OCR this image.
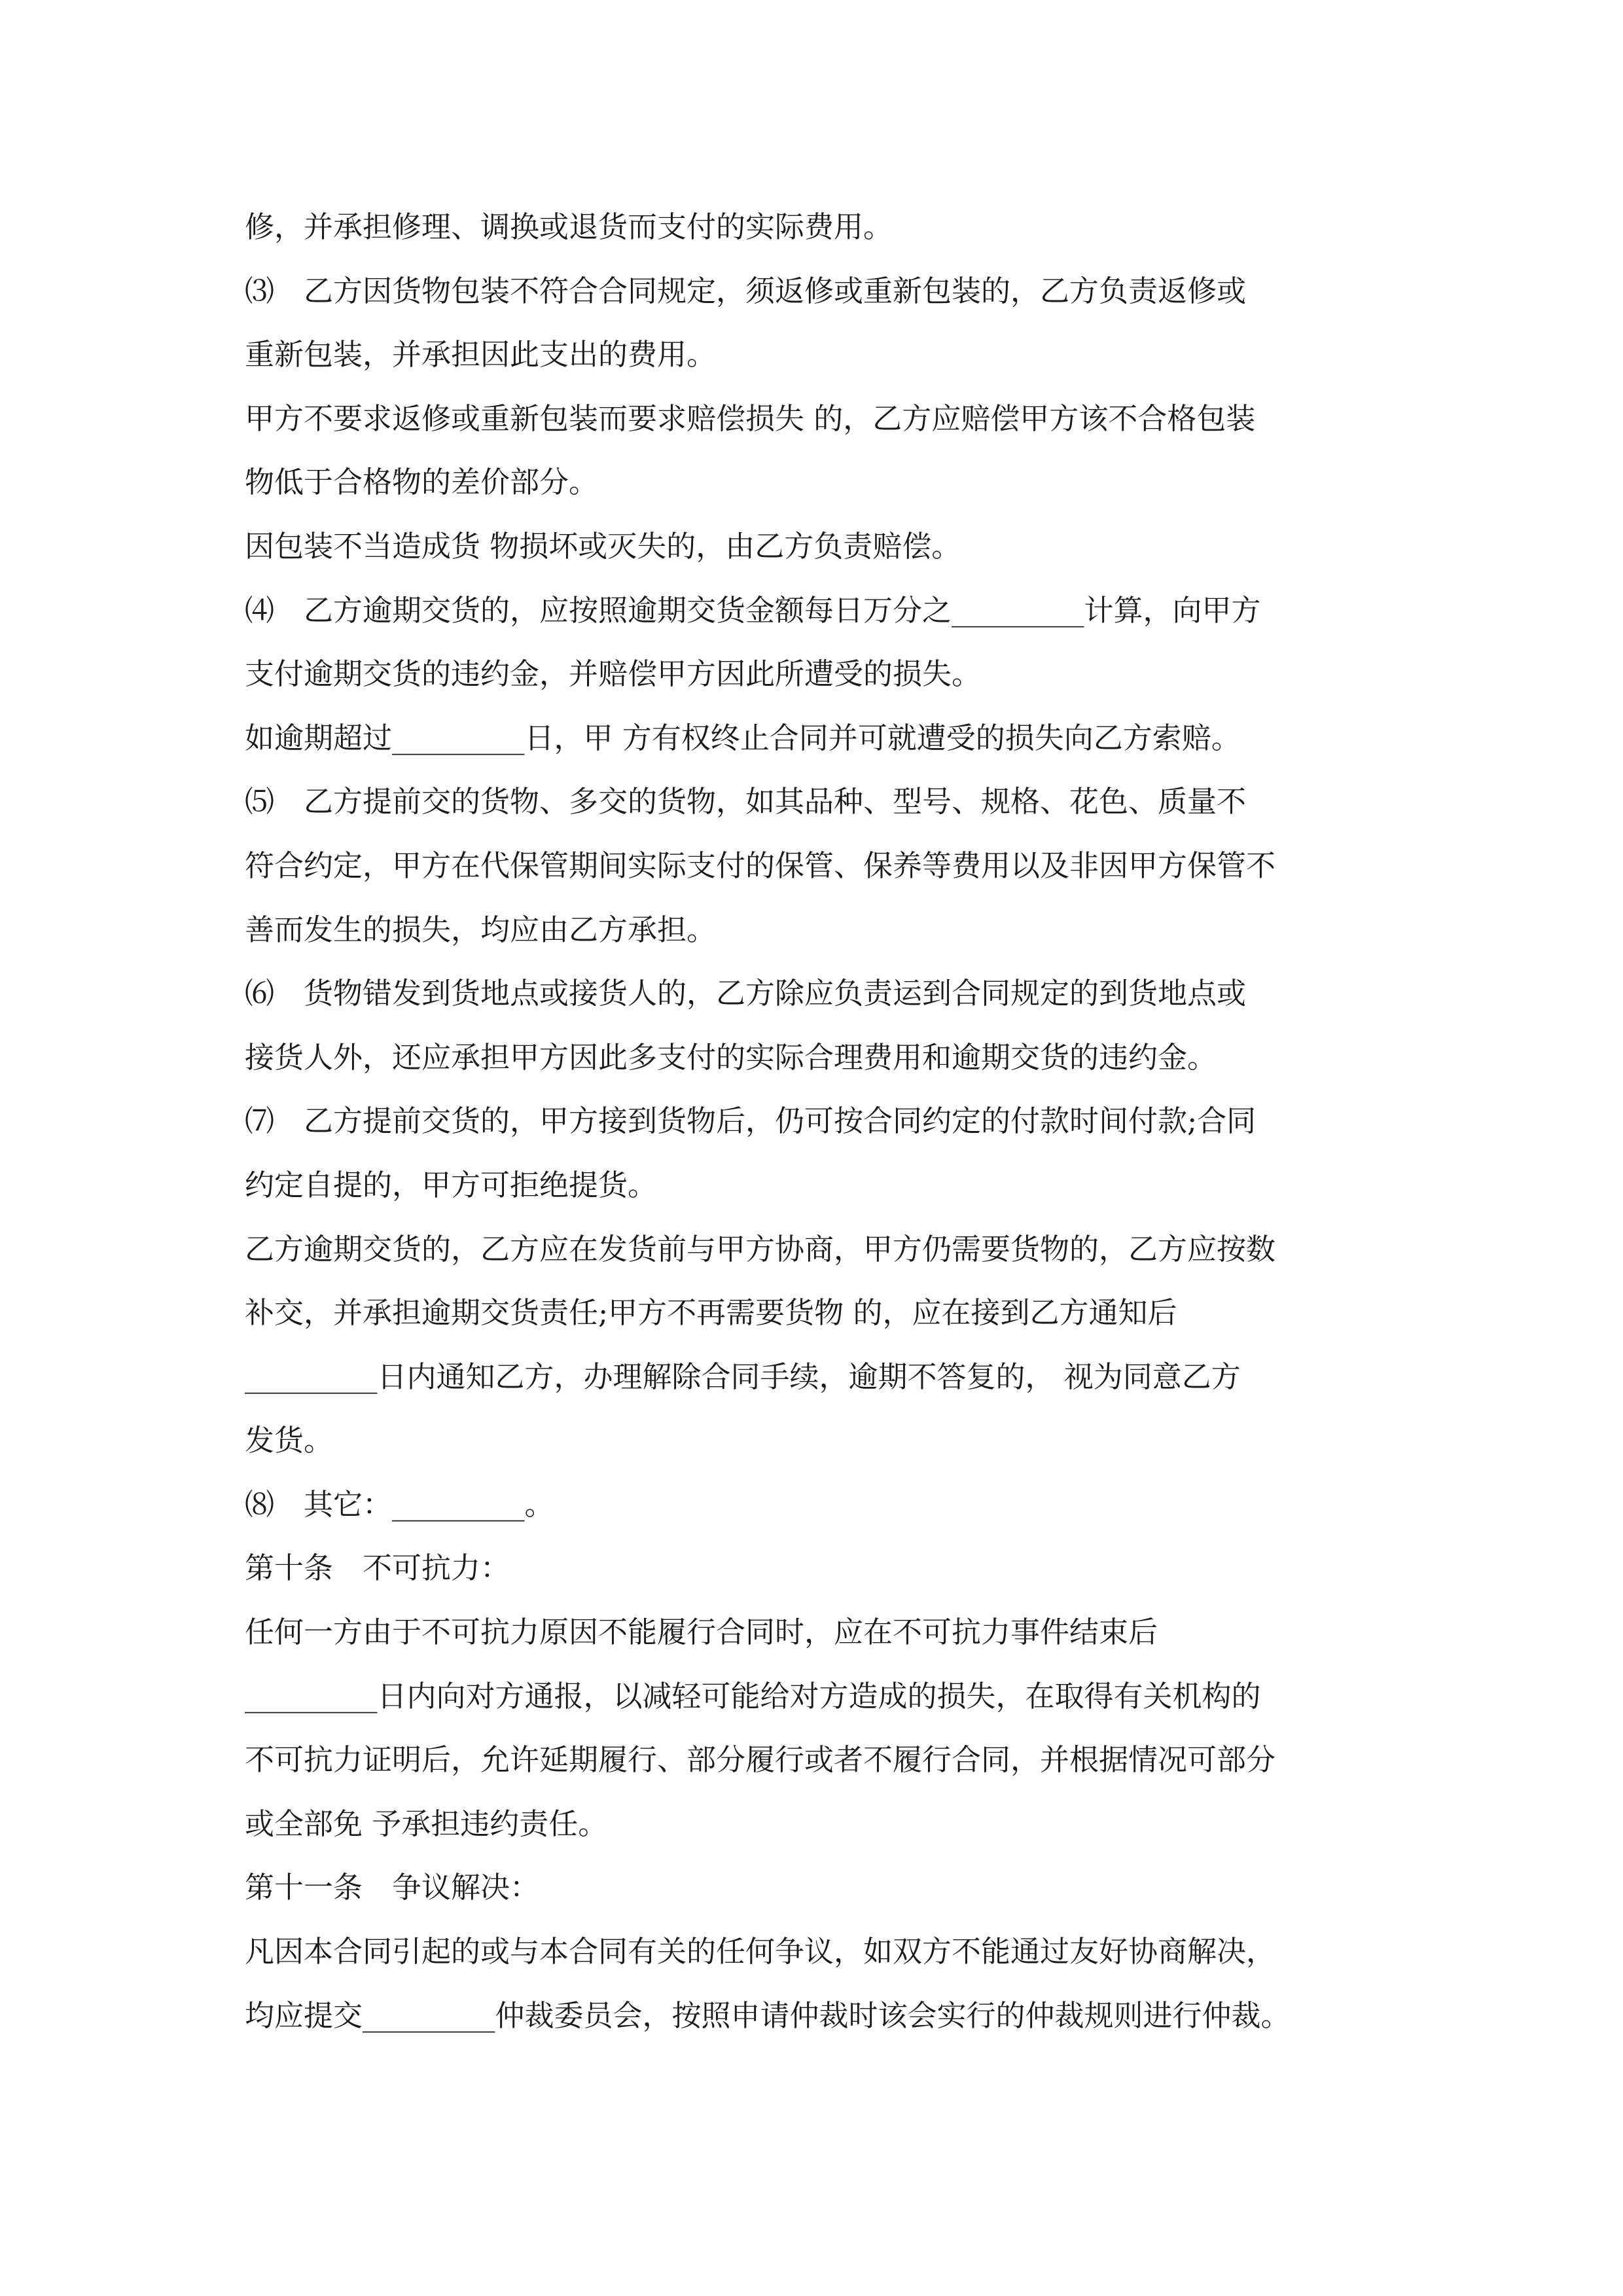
修，并承担修理、调换或退货而支付的实际费用。
⑶　乙方因货物包装不符合合同规定，须返修或重新包装的，乙方负责返修或
重新包装，并承担因此支出的费用。
甲方不要求返修或重新包装而要求赔偿损失 的，乙方应赔偿甲方该不合格包装
物低于合格物的差价部分。
因包装不当造成货 物损坏或灭失的，由乙方负责赔偿。
⑷　乙方逾期交货的，应按照逾期交货金额每日万分之_________计算，向甲方
支付逾期交货的违约金，并赔偿甲方因此所遭受的损失。
如逾期超过_________日，甲 方有权终止合同并可就遭受的损失向乙方索赔。
⑸　乙方提前交的货物、多交的货物，如其品种、型号、规格、花色、质量不
符合约定，甲方在代保管期间实际支付的保管、保养等费用以及非因甲方保管不
善而发生的损失，均应由乙方承担。
⑹　货物错发到货地点或接货人的，乙方除应负责运到合同规定的到货地点或
接货人外，还应承担甲方因此多支付的实际合理费用和逾期交货的违约金。
⑺　乙方提前交货的，甲方接到货物后，仍可按合同约定的付款时间付款;合同
约定自提的，甲方可拒绝提货。
乙方逾期交货的，乙方应在发货前与甲方协商，甲方仍需要货物的，乙方应按数
补交，并承担逾期交货责任;甲方不再需要货物 的，应在接到乙方通知后
_________日内通知乙方，办理解除合同手续，逾期不答复的， 视为同意乙方
发货。
⑻　其它：_________。
第十条　不可抗力：
任何一方由于不可抗力原因不能履行合同时，应在不可抗力事件结束后
_________日内向对方通报，以减轻可能给对方造成的损失，在取得有关机构的
不可抗力证明后，允许延期履行、部分履行或者不履行合同，并根据情况可部分
或全部免 予承担违约责任。
第十一条　争议解决：
凡因本合同引起的或与本合同有关的任何争议，如双方不能通过友好协商解决，
均应提交_________仲裁委员会，按照申请仲裁时该会实行的仲裁规则进行仲裁。
